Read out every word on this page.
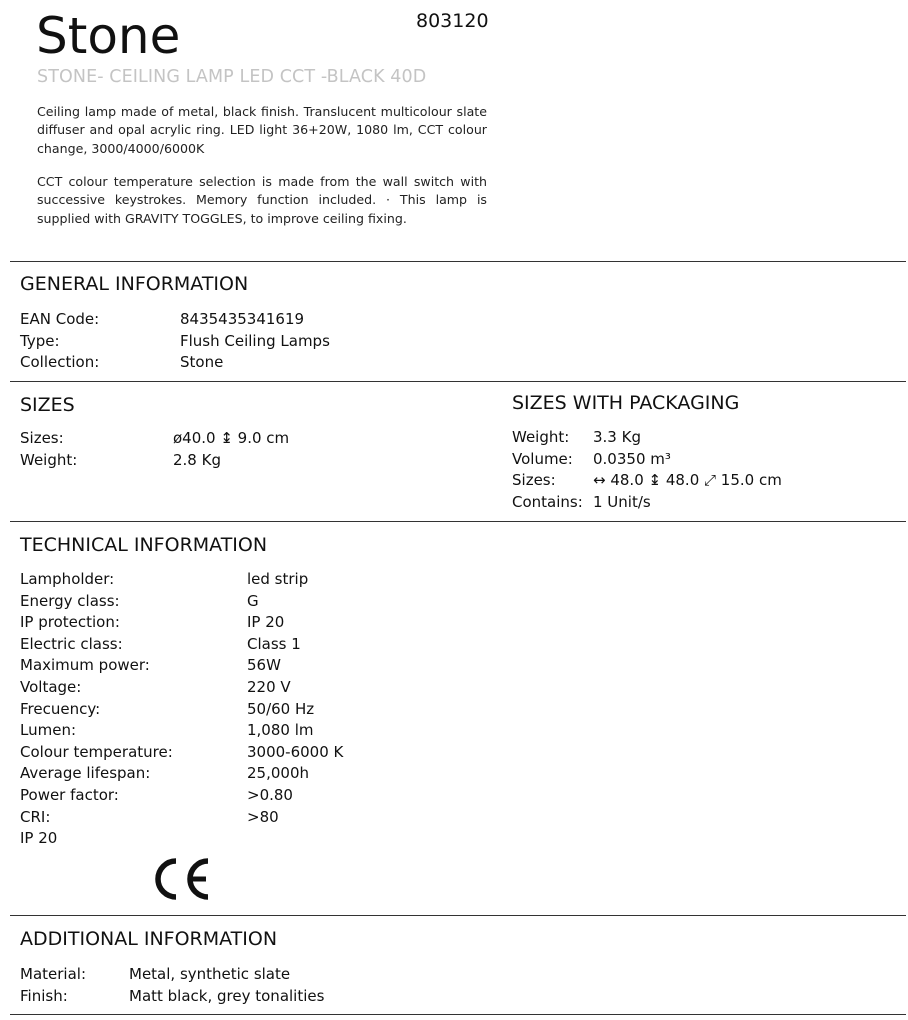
Stone	803120
STONE- CEILING LAMP LED CCT -BLACK 40D

Ceiling lamp made of metal, black finish. Translucent multicolour slate diffuser and opal acrylic ring. LED light 36+20W, 1080 lm, CCT colour change, 3000/4000/6000K

CCT colour temperature selection is made from the wall switch with successive keystrokes. Memory function included. · This lamp is supplied with GRAVITY TOGGLES, to improve ceiling fixing.

GENERAL INFORMATION
EAN Code:	8435435341619
Type:	Flush Ceiling Lamps
Collection:	Stone
SIZES
Sizes:	ø40.0 ↨ 9.0 cm
Weight:	2.8 Kg
SIZES WITH PACKAGING
Weight:	3.3 Kg
Volume:	0.0350 m³
Sizes:	↔ 48.0 ↨ 48.0 ⤢ 15.0 cm
Contains: 1 Unit/s
TECHNICAL INFORMATION
Lampholder:	led strip
Energy class:	G
IP protection:	IP 20
Electric class:	Class 1
Maximum power:	56W
Voltage:	220 V
Frecuency:	50/60 Hz
Lumen:	1,080 lm
Colour temperature:	3000-6000 K
Average lifespan:	25,000h
Power factor:	>0.80
CRI:	>80
IP 20
ADDITIONAL INFORMATION
Material:	Metal, synthetic slate
Finish:	Matt black, grey tonalities
